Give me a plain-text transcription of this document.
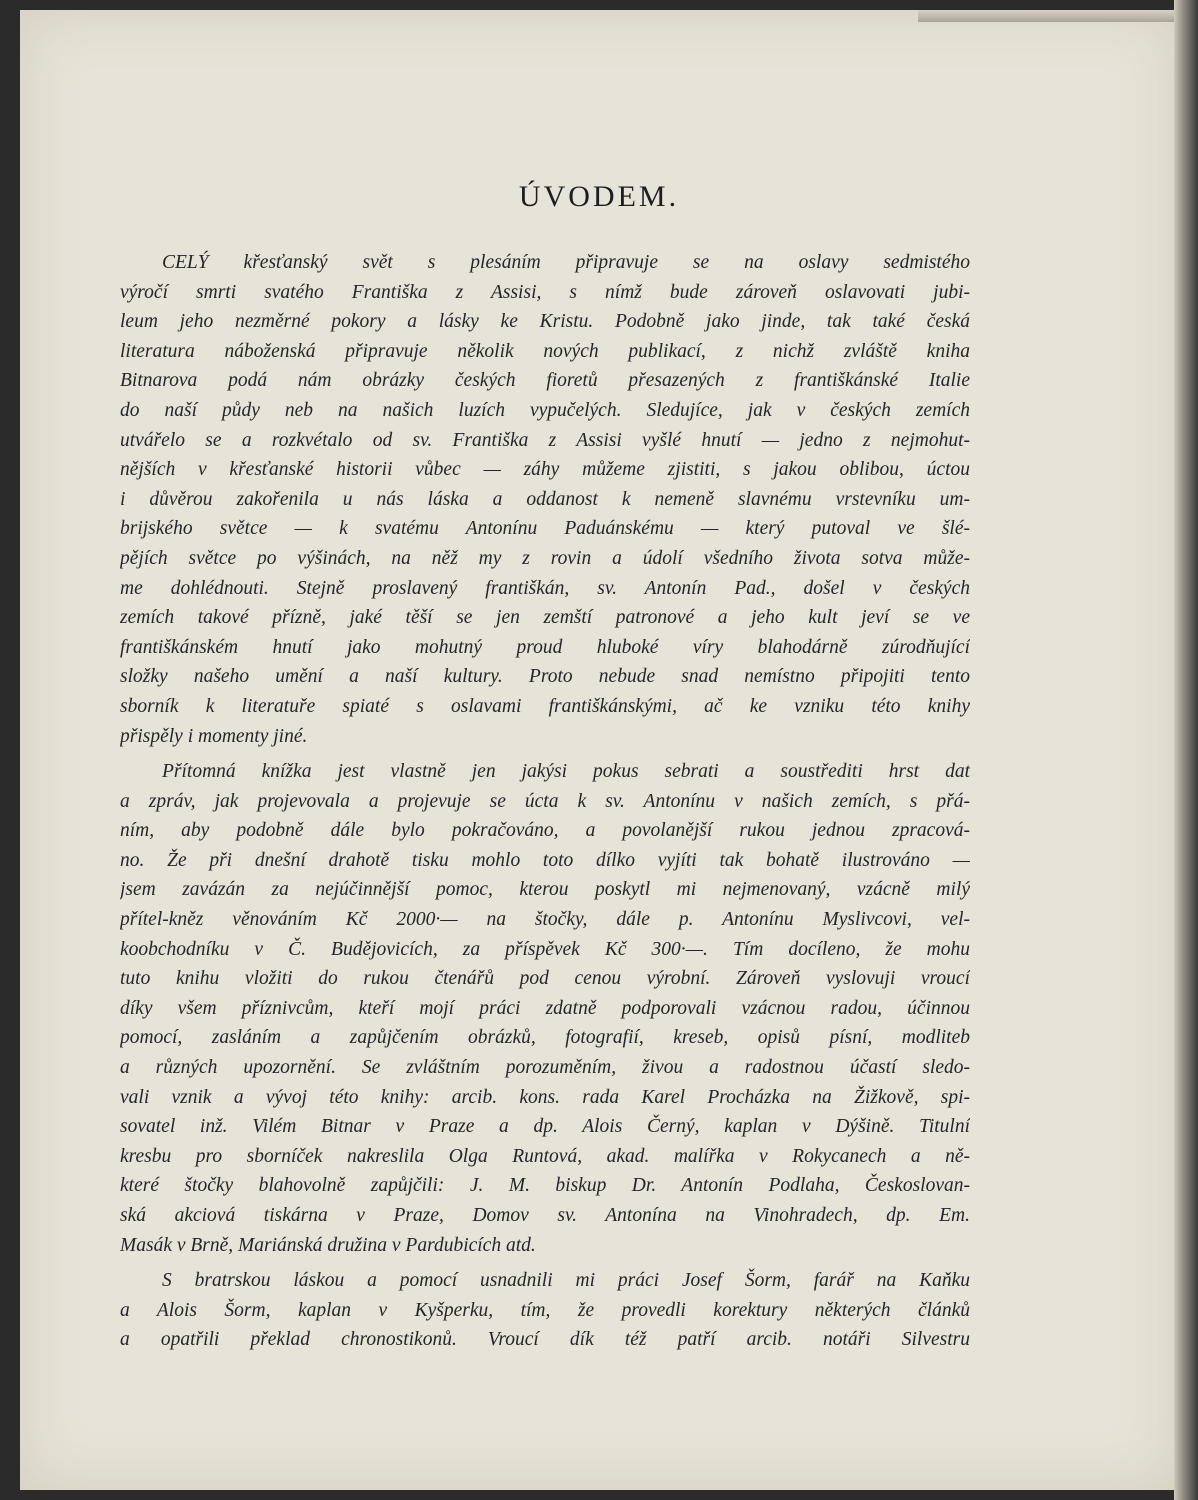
ÚVODEM.
CELÝ křesťanský svět s plesáním připravuje se na oslavy sedmistého
výročí smrti svatého Františka z Assisi, s nímž bude zároveň oslavovati jubi-
leum jeho nezměrné pokory a lásky ke Kristu. Podobně jako jinde, tak také česká
literatura náboženská připravuje několik nových publikací, z nichž zvláště kniha
Bitnarova podá nám obrázky českých fioretů přesazených z františkánské Italie
do naší půdy neb na našich luzích vypučelých. Sledujíce, jak v českých zemích
utvářelo se a rozkvétalo od sv. Františka z Assisi vyšlé hnutí — jedno z nejmohut-
nějších v křesťanské historii vůbec — záhy můžeme zjistiti, s jakou oblibou, úctou
i důvěrou zakořenila u nás láska a oddanost k nemeně slavnému vrstevníku um-
brijského světce — k svatému Antonínu Paduánskému — který putoval ve šlé-
pějích světce po výšinách, na něž my z rovin a údolí všedního života sotva může-
me dohlédnouti. Stejně proslavený františkán, sv. Antonín Pad., došel v českých
zemích takové přízně, jaké těší se jen zemští patronové a jeho kult jeví se ve
františkánském hnutí jako mohutný proud hluboké víry blahodárně zúrodňující
složky našeho umění a naší kultury. Proto nebude snad nemístno připojiti tento
sborník k literatuře spiaté s oslavami františkánskými, ač ke vzniku této knihy
přispěly i momenty jiné.
Přítomná knížka jest vlastně jen jakýsi pokus sebrati a soustřediti hrst dat
a zpráv, jak projevovala a projevuje se úcta k sv. Antonínu v našich zemích, s přá-
ním, aby podobně dále bylo pokračováno, a povolanější rukou jednou zpracová-
no. Že při dnešní drahotě tisku mohlo toto dílko vyjíti tak bohatě ilustrováno —
jsem zavázán za nejúčinnější pomoc, kterou poskytl mi nejmenovaný, vzácně milý
přítel-kněz věnováním Kč 2000·— na štočky, dále p. Antonínu Myslivcovi, vel-
koobchodníku v Č. Budějovicích, za příspěvek Kč 300·—. Tím docíleno, že mohu
tuto knihu vložiti do rukou čtenářů pod cenou výrobní. Zároveň vyslovuji vroucí
díky všem příznivcům, kteří mojí práci zdatně podporovali vzácnou radou, účinnou
pomocí, zasláním a zapůjčením obrázků, fotografií, kreseb, opisů písní, modliteb
a různých upozornění. Se zvláštním porozuměním, živou a radostnou účastí sledo-
vali vznik a vývoj této knihy: arcib. kons. rada Karel Procházka na Žižkově, spi-
sovatel inž. Vilém Bitnar v Praze a dp. Alois Černý, kaplan v Dýšině. Titulní
kresbu pro sborníček nakreslila Olga Runtová, akad. malířka v Rokycanech a ně-
které štočky blahovolně zapůjčili: J. M. biskup Dr. Antonín Podlaha, Českoslovan-
ská akciová tiskárna v Praze, Domov sv. Antonína na Vinohradech, dp. Em.
Masák v Brně, Mariánská družina v Pardubicích atd.
S bratrskou láskou a pomocí usnadnili mi práci Josef Šorm, farář na Kaňku
a Alois Šorm, kaplan v Kyšperku, tím, že provedli korektury některých článků
a opatřili překlad chronostikonů. Vroucí dík též patří arcib. notáři Silvestru
